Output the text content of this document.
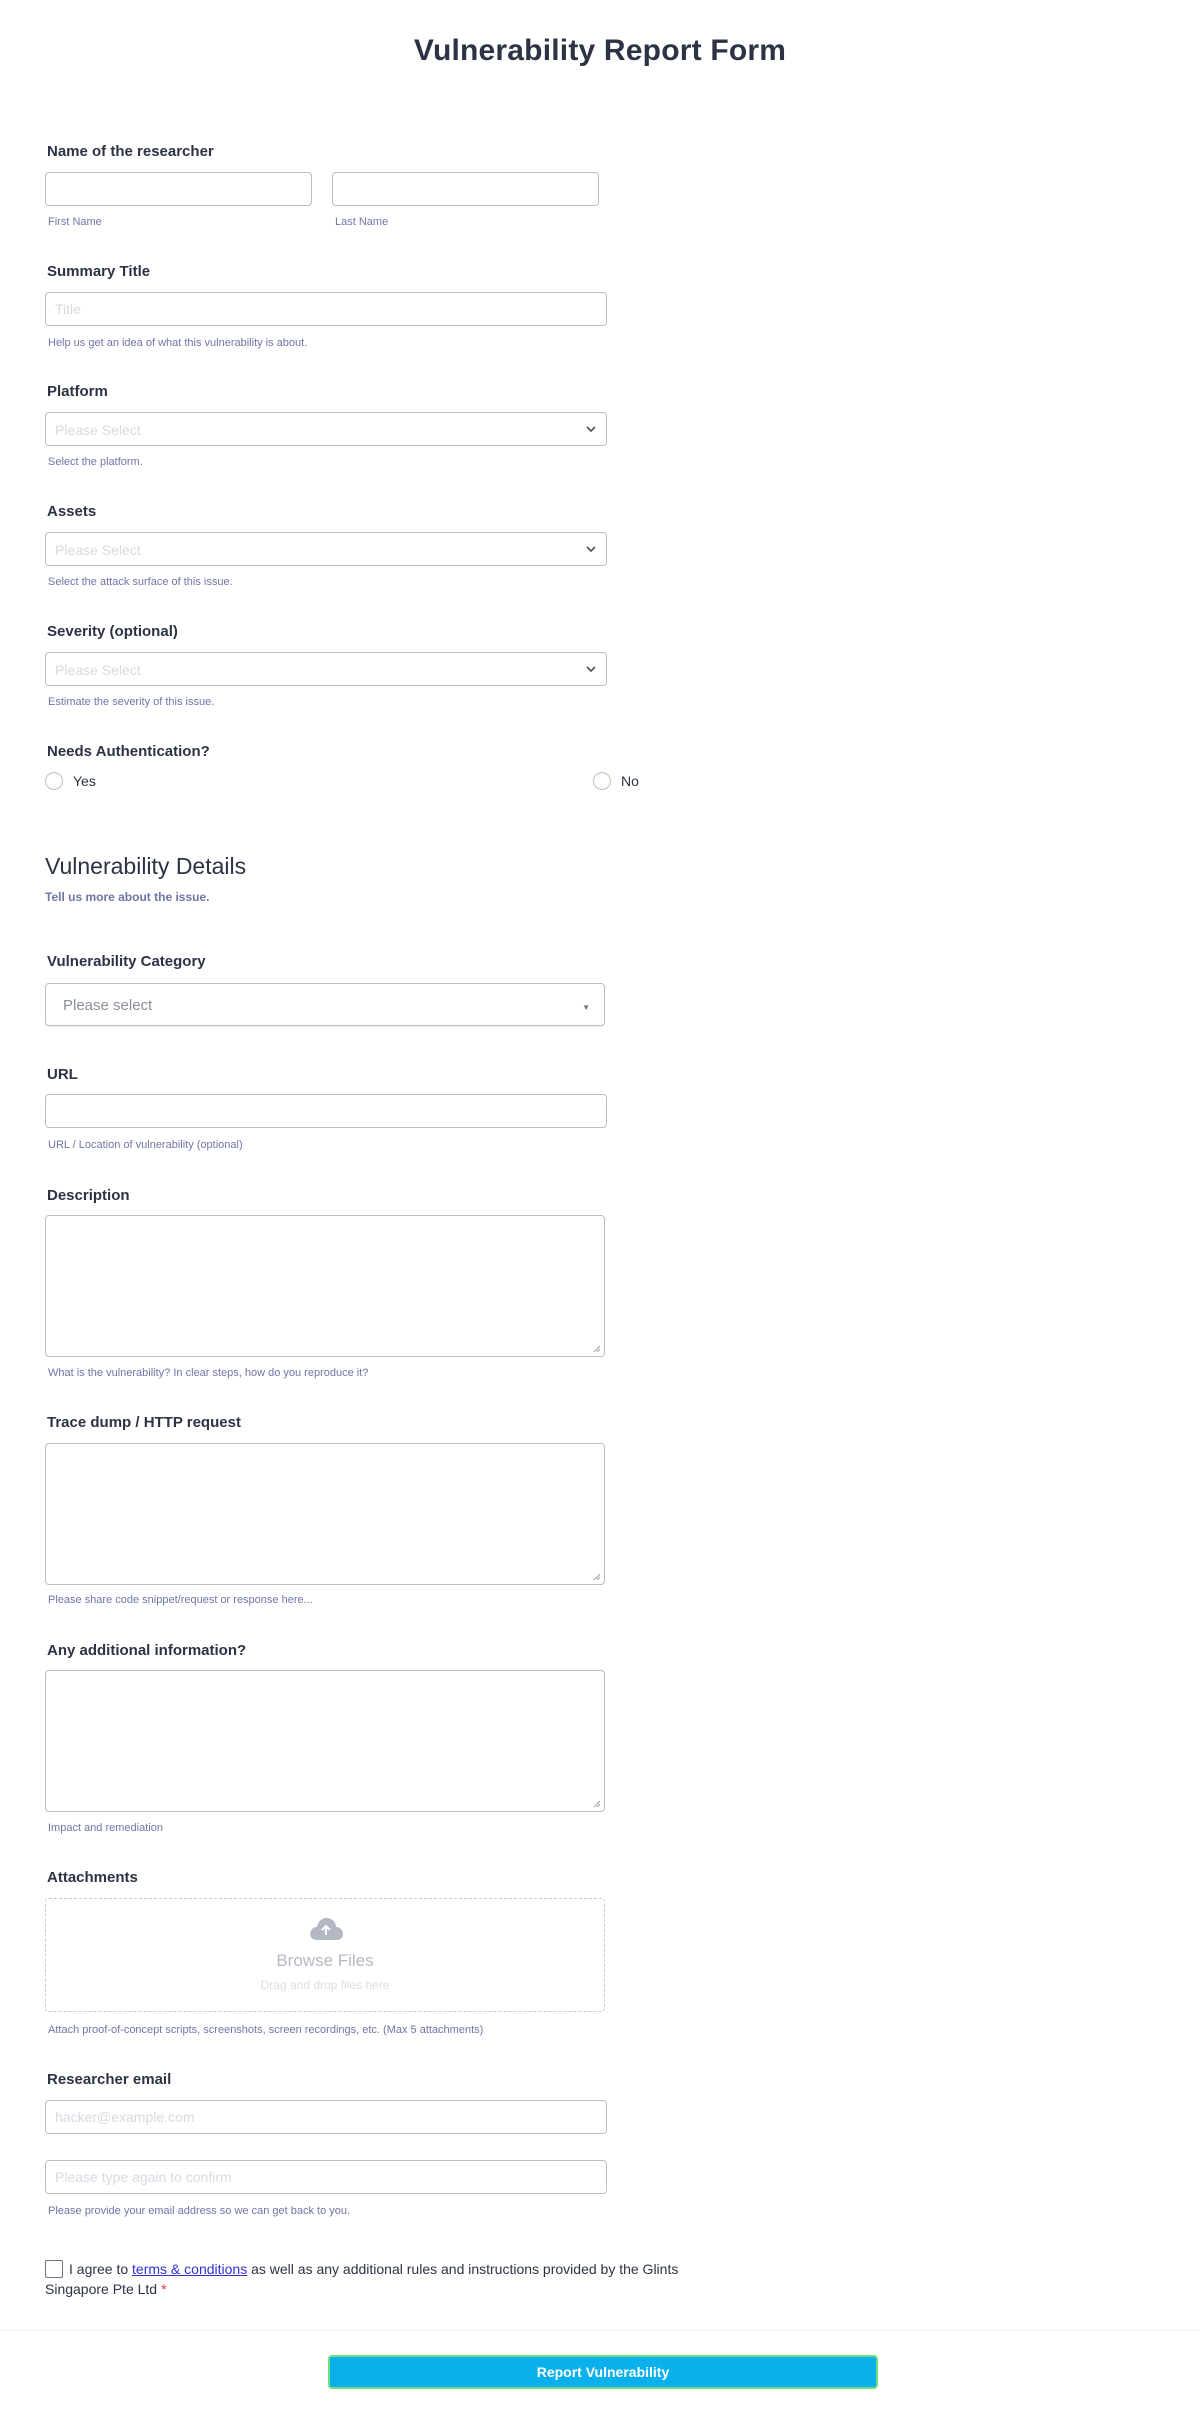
Vulnerability Report Form
Name of the researcher
First Name	Last Name
Summary Title
Title
Help us get an idea of what this vulnerability is about.
Platform
Please Select
Select the platform.
Assets
Please Select
Select the attack surface of this issue.
Severity (optional)
Please Select
Estimate the severity of this issue.
Needs Authentication?
Yes	No
Vulnerability Details
Tell us more about the issue.
Vulnerability Category
Please select	▼
URL
URL / Location of vulnerability (optional)
Description
What is the vulnerability? In clear steps, how do you reproduce it?
Trace dump / HTTP request
Please share code snippet/request or response here...
Any additional information?
Impact and remediation
Attachments
Browse Files
Drag and drop files here
Attach proof-of-concept scripts, screenshots, screen recordings, etc. (Max 5 attachments)
Researcher email
hacker@example.com
Please type again to confirm
Please provide your email address so we can get back to you.
I agree to terms & conditions as well as any additional rules and instructions provided by the Glints Singapore Pte Ltd *
Report Vulnerability
